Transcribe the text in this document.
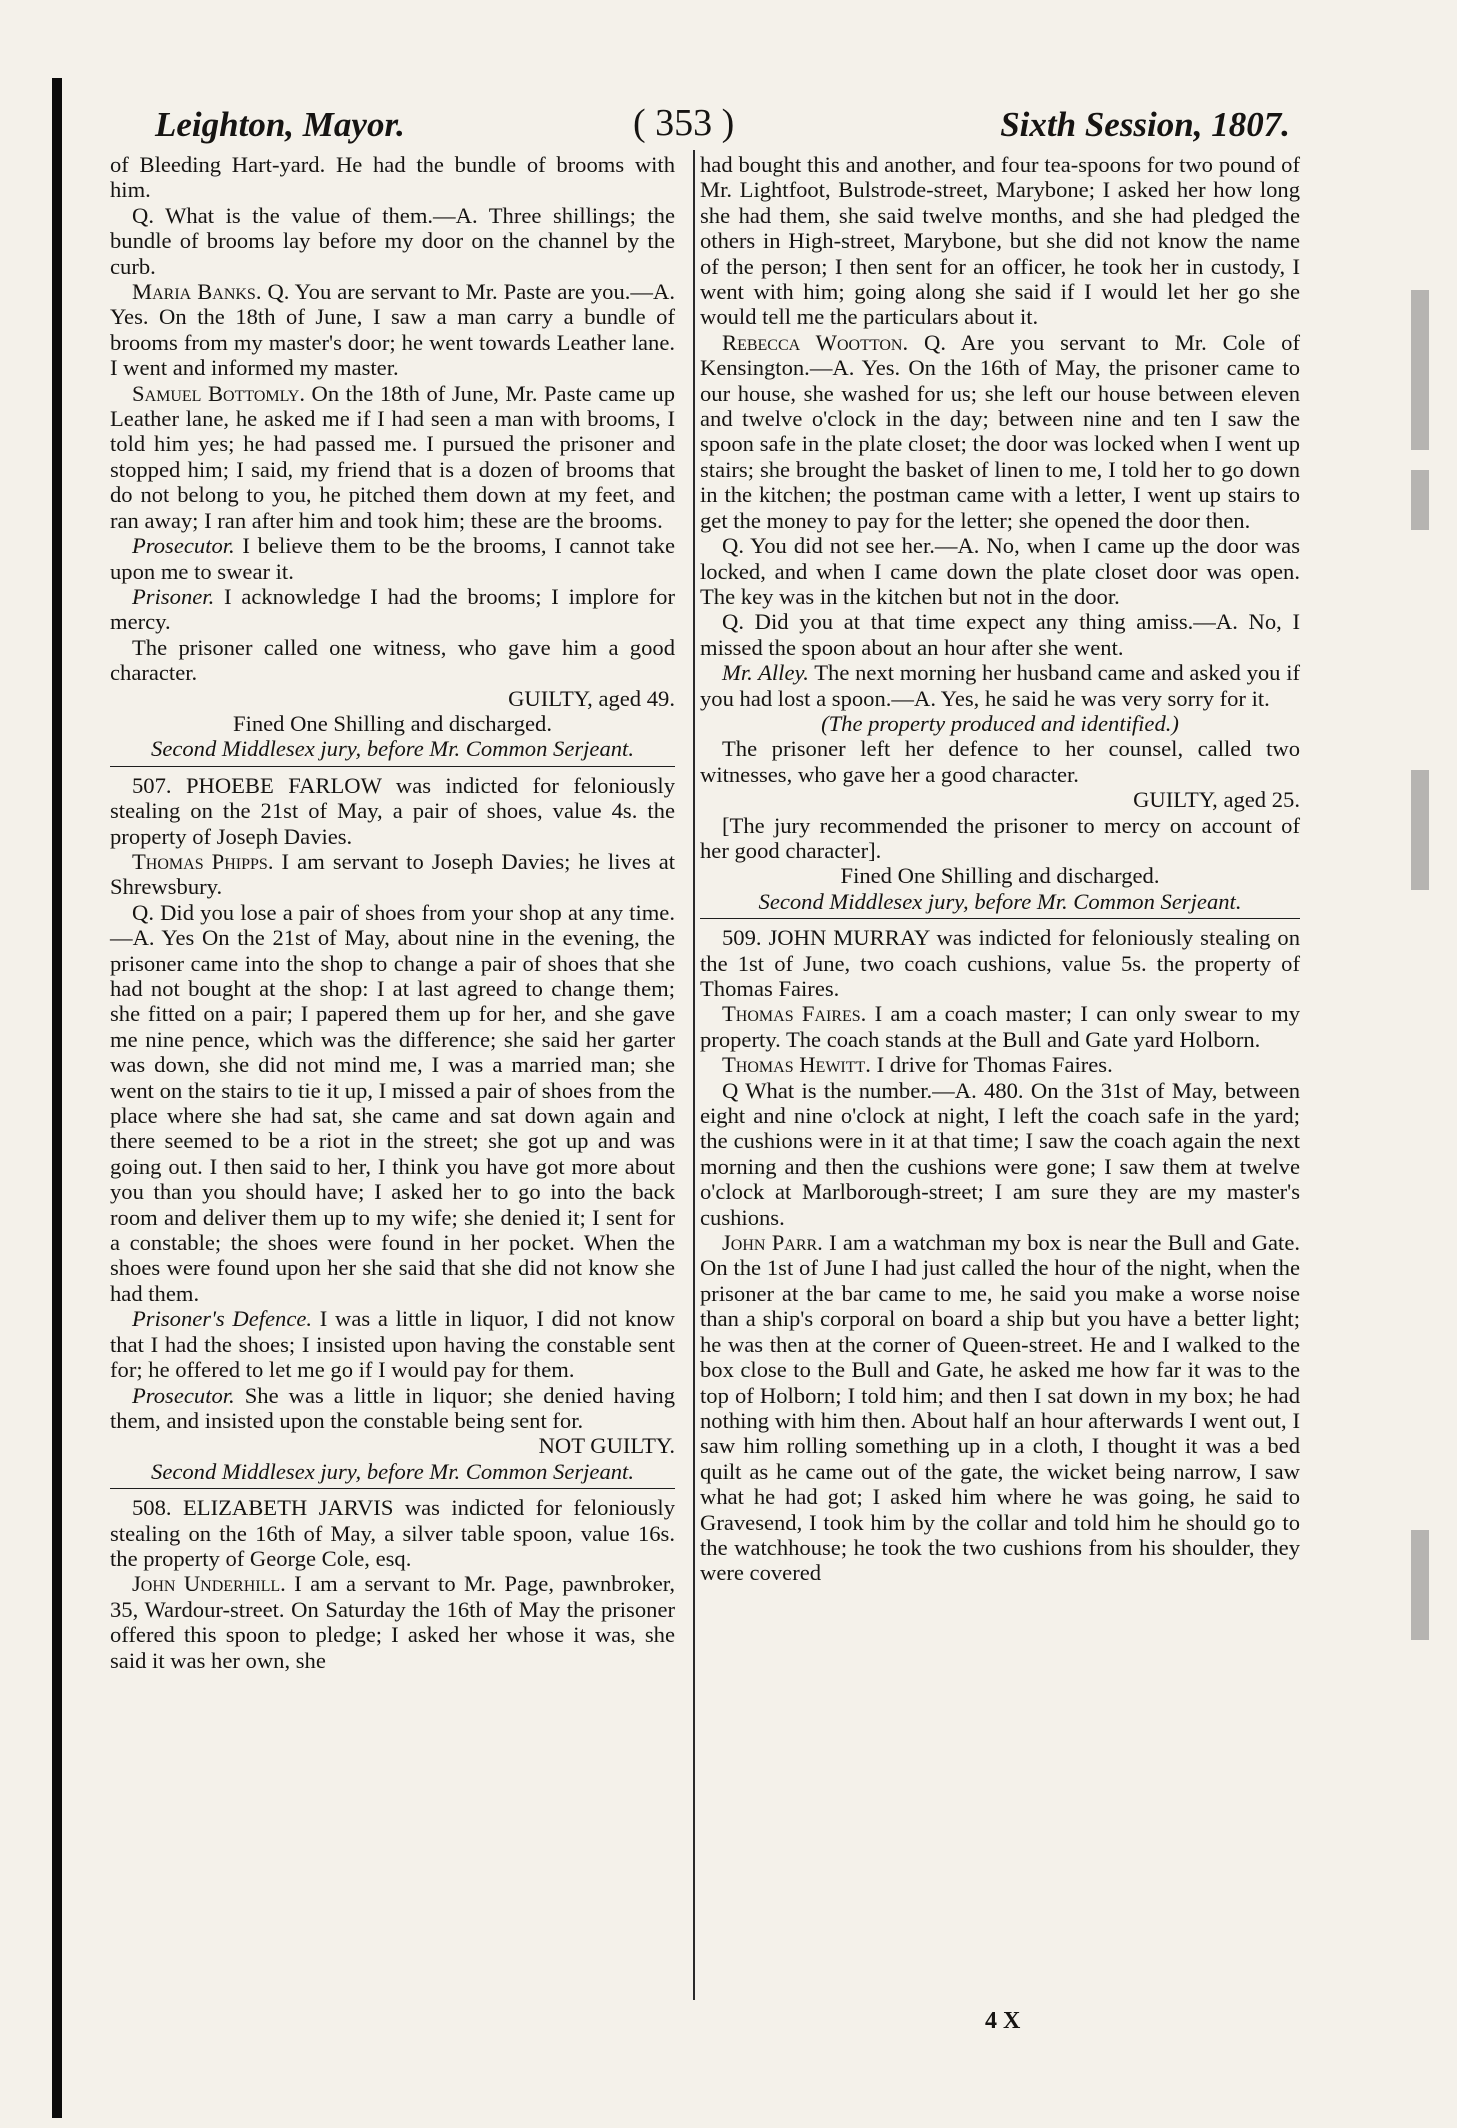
Leighton, Mayor.	( 353 )	Sixth Session, 1807.

of Bleeding Hart-yard. He had the bundle of brooms with him.

Q. What is the value of them.—A. Three shillings; the bundle of brooms lay before my door on the channel by the curb.

Maria Banks. Q. You are servant to Mr. Paste are you.—A. Yes. On the 18th of June, I saw a man carry a bundle of brooms from my master's door; he went towards Leather lane. I went and informed my master.

Samuel Bottomly. On the 18th of June, Mr. Paste came up Leather lane, he asked me if I had seen a man with brooms, I told him yes; he had passed me. I pursued the prisoner and stopped him; I said, my friend that is a dozen of brooms that do not belong to you, he pitched them down at my feet, and ran away; I ran after him and took him; these are the brooms.

Prosecutor. I believe them to be the brooms, I cannot take upon me to swear it.

Prisoner. I acknowledge I had the brooms; I implore for mercy.

The prisoner called one witness, who gave him a good character.

GUILTY, aged 49.

Fined One Shilling and discharged.

Second Middlesex jury, before Mr. Common Serjeant.

507. PHOEBE FARLOW was indicted for feloniously stealing on the 21st of May, a pair of shoes, value 4s. the property of Joseph Davies.

Thomas Phipps. I am servant to Joseph Davies; he lives at Shrewsbury.

Q. Did you lose a pair of shoes from your shop at any time.—A. Yes On the 21st of May, about nine in the evening, the prisoner came into the shop to change a pair of shoes that she had not bought at the shop: I at last agreed to change them; she fitted on a pair; I papered them up for her, and she gave me nine pence, which was the difference; she said her garter was down, she did not mind me, I was a married man; she went on the stairs to tie it up, I missed a pair of shoes from the place where she had sat, she came and sat down again and there seemed to be a riot in the street; she got up and was going out. I then said to her, I think you have got more about you than you should have; I asked her to go into the back room and deliver them up to my wife; she denied it; I sent for a constable; the shoes were found in her pocket. When the shoes were found upon her she said that she did not know she had them.

Prisoner's Defence. I was a little in liquor, I did not know that I had the shoes; I insisted upon having the constable sent for; he offered to let me go if I would pay for them.

Prosecutor. She was a little in liquor; she denied having them, and insisted upon the constable being sent for.

NOT GUILTY.

Second Middlesex jury, before Mr. Common Serjeant.

508. ELIZABETH JARVIS was indicted for feloniously stealing on the 16th of May, a silver table spoon, value 16s. the property of George Cole, esq.

John Underhill. I am a servant to Mr. Page, pawnbroker, 35, Wardour-street. On Saturday the 16th of May the prisoner offered this spoon to pledge; I asked her whose it was, she said it was her own, she

had bought this and another, and four tea-spoons for two pound of Mr. Lightfoot, Bulstrode-street, Marybone; I asked her how long she had them, she said twelve months, and she had pledged the others in High-street, Marybone, but she did not know the name of the person; I then sent for an officer, he took her in custody, I went with him; going along she said if I would let her go she would tell me the particulars about it.

Rebecca Wootton. Q. Are you servant to Mr. Cole of Kensington.—A. Yes. On the 16th of May, the prisoner came to our house, she washed for us; she left our house between eleven and twelve o'clock in the day; between nine and ten I saw the spoon safe in the plate closet; the door was locked when I went up stairs; she brought the basket of linen to me, I told her to go down in the kitchen; the postman came with a letter, I went up stairs to get the money to pay for the letter; she opened the door then.

Q. You did not see her.—A. No, when I came up the door was locked, and when I came down the plate closet door was open. The key was in the kitchen but not in the door.

Q. Did you at that time expect any thing amiss.—A. No, I missed the spoon about an hour after she went.

Mr. Alley. The next morning her husband came and asked you if you had lost a spoon.—A. Yes, he said he was very sorry for it.

(The property produced and identified.)

The prisoner left her defence to her counsel, called two witnesses, who gave her a good character.

GUILTY, aged 25.

[The jury recommended the prisoner to mercy on account of her good character].

Fined One Shilling and discharged.

Second Middlesex jury, before Mr. Common Serjeant.

509. JOHN MURRAY was indicted for feloniously stealing on the 1st of June, two coach cushions, value 5s. the property of Thomas Faires.

Thomas Faires. I am a coach master; I can only swear to my property. The coach stands at the Bull and Gate yard Holborn.

Thomas Hewitt. I drive for Thomas Faires.

Q What is the number.—A. 480. On the 31st of May, between eight and nine o'clock at night, I left the coach safe in the yard; the cushions were in it at that time; I saw the coach again the next morning and then the cushions were gone; I saw them at twelve o'clock at Marlborough-street; I am sure they are my master's cushions.

John Parr. I am a watchman my box is near the Bull and Gate. On the 1st of June I had just called the hour of the night, when the prisoner at the bar came to me, he said you make a worse noise than a ship's corporal on board a ship but you have a better light; he was then at the corner of Queen-street. He and I walked to the box close to the Bull and Gate, he asked me how far it was to the top of Holborn; I told him; and then I sat down in my box; he had nothing with him then. About half an hour afterwards I went out, I saw him rolling something up in a cloth, I thought it was a bed quilt as he came out of the gate, the wicket being narrow, I saw what he had got; I asked him where he was going, he said to Gravesend, I took him by the collar and told him he should go to the watchhouse; he took the two cushions from his shoulder, they were covered

4 X
